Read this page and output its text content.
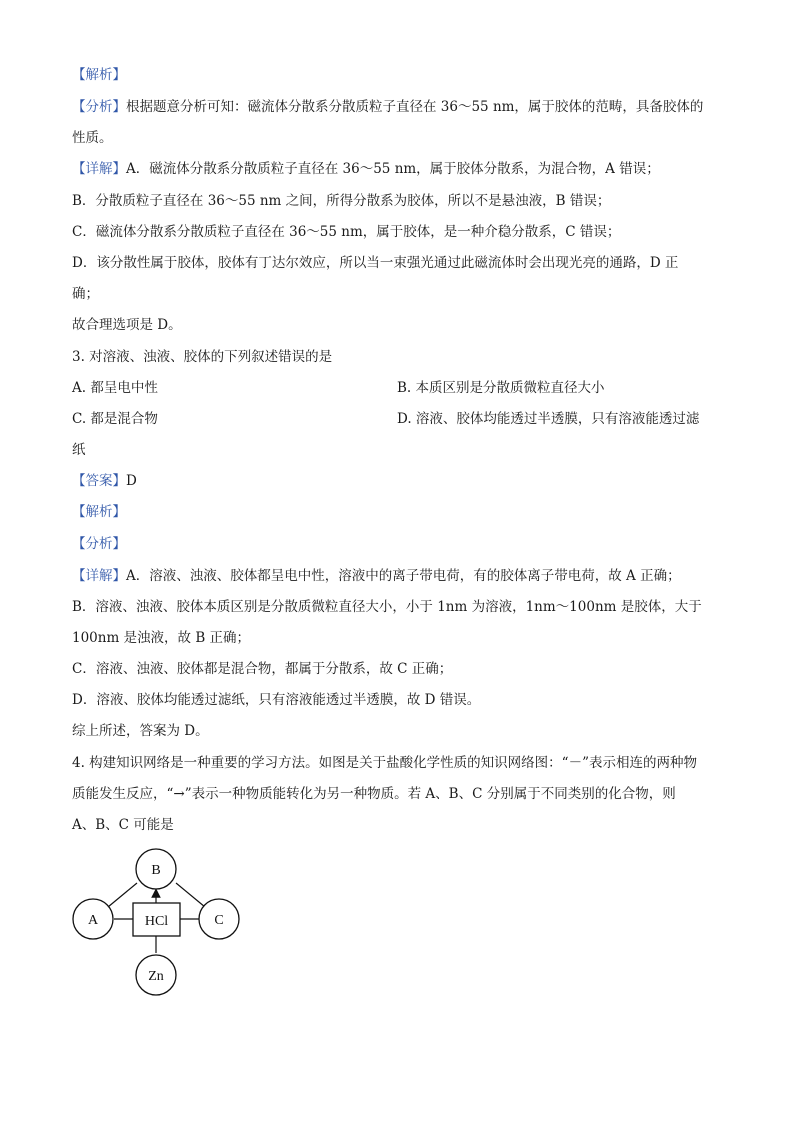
【解析】
【分析】根据题意分析可知：磁流体分散系分散质粒子直径在 36～55 nm，属于胶体的范畴，具备胶体的
性质。
【详解】A．磁流体分散系分散质粒子直径在 36～55 nm，属于胶体分散系，为混合物，A 错误；
B．分散质粒子直径在 36～55 nm 之间，所得分散系为胶体，所以不是悬浊液，B 错误；
C．磁流体分散系分散质粒子直径在 36～55 nm，属于胶体，是一种介稳分散系，C 错误；
D．该分散性属于胶体，胶体有丁达尔效应，所以当一束强光通过此磁流体时会出现光亮的通路，D 正
确；
故合理选项是 D。
3. 对溶液、浊液、胶体的下列叙述错误的是
A. 都呈电中性	B. 本质区别是分散质微粒直径大小
C. 都是混合物	D. 溶液、胶体均能透过半透膜，只有溶液能透过滤
纸
【答案】D
【解析】
【分析】
【详解】A．溶液、浊液、胶体都呈电中性，溶液中的离子带电荷，有的胶体离子带电荷，故 A 正确；
B．溶液、浊液、胶体本质区别是分散质微粒直径大小，小于 1nm 为溶液，1nm～100nm 是胶体，大于
100nm 是浊液，故 B 正确；
C．溶液、浊液、胶体都是混合物，都属于分散系，故 C 正确；
D．溶液、胶体均能透过滤纸，只有溶液能透过半透膜，故 D 错误。
综上所述，答案为 D。
4. 构建知识网络是一种重要的学习方法。如图是关于盐酸化学性质的知识网络图：“－”表示相连的两种物
质能发生反应，“→”表示一种物质能转化为另一种物质。若 A、B、C 分别属于不同类别的化合物，则
A、B、C 可能是
B
A	C
HCl
Zn
